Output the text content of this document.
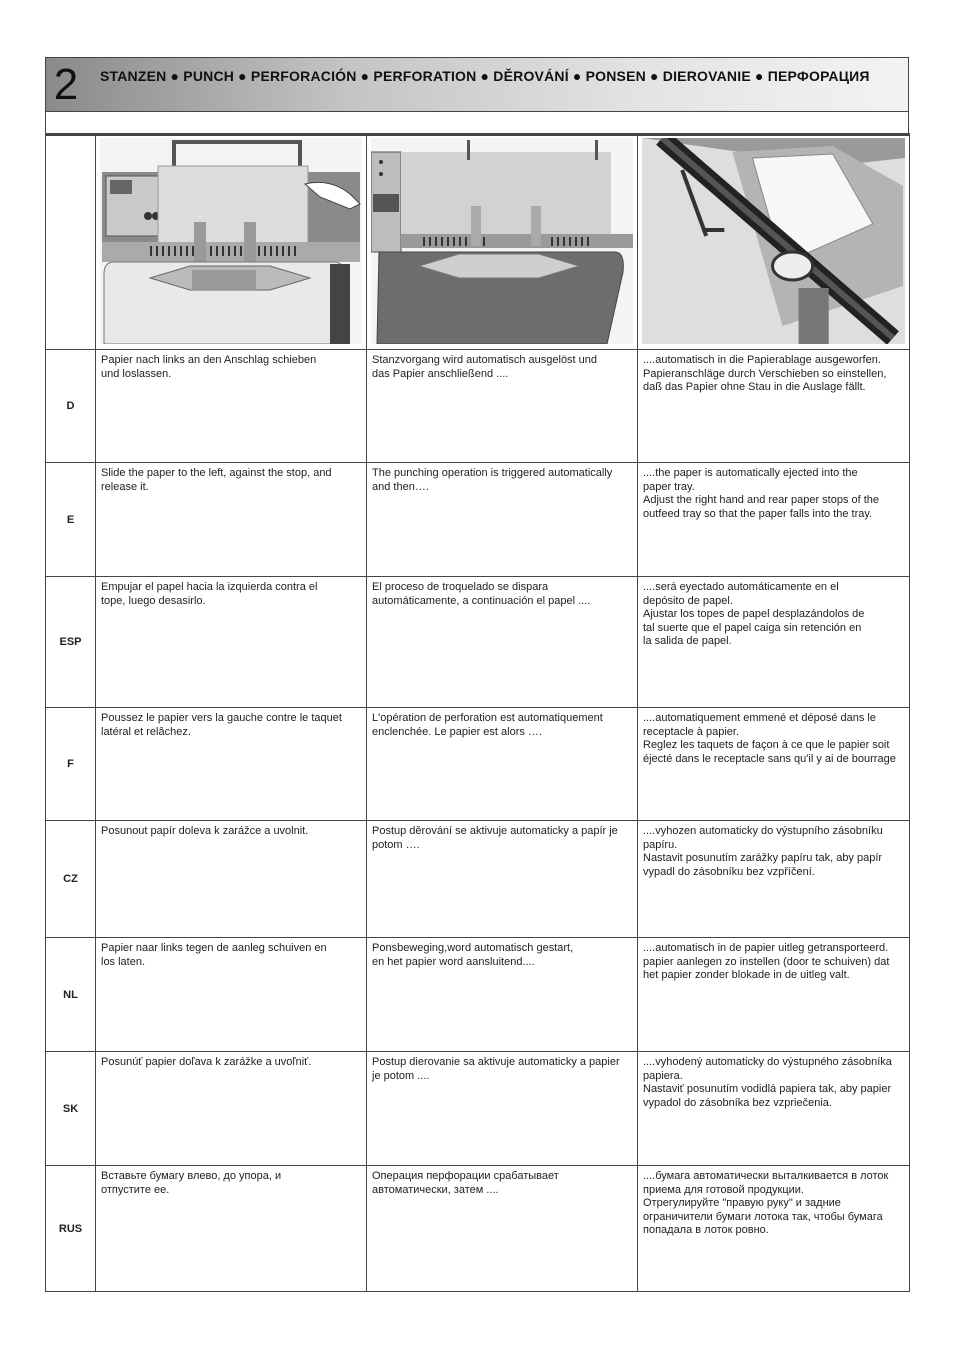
2	STANZEN ● PUNCH ● PERFORACIÓN ● PERFORATION ● DĚROVÁNÍ ● PONSEN ● DIEROVANIE ● ПЕРФОРАЦИЯ

D	Papier nach links an den Anschlag schieben
und loslassen.	Stanzvorgang wird automatisch ausgelöst und
das Papier anschließend ....	....automatisch in die Papierablage ausgeworfen.
Papieranschläge durch Verschieben so einstellen,
daß das Papier ohne Stau in die Auslage fällt.
E	Slide the paper to the left, against the stop, and
release it.	The punching operation is triggered automatically
and then….	....the paper is automatically ejected into the
paper tray.
Adjust the right hand and rear paper stops of the
outfeed tray so that the paper falls into the tray.
ESP	Empujar el papel hacia la izquierda contra el
tope, luego desasirlo.	El proceso de troquelado se dispara
automáticamente, a continuación el papel ....	....será eyectado automáticamente en el
depósito de papel.
Ajustar los topes de papel desplazándolos de
tal suerte que el papel caiga sin retención en
la salida de papel.
F	Poussez le papier vers la gauche contre le taquet
latéral et relâchez.	L'opération de perforation est automatiquement
enclenchée. Le papier est alors ….	....automatiquement emmené et déposé dans le
receptacle à papier.
Reglez les taquets de façon à ce que le papier soit
éjecté dans le receptacle sans qu'il y ai de bourrage
CZ	Posunout papír doleva k zarážce a uvolnit.	Postup děrování se aktivuje automaticky a papír je
potom ….	....vyhozen automaticky do výstupního zásobníku
papíru.
Nastavit posunutím zarážky papíru tak, aby papír
vypadl do zásobníku bez vzpříčení.
NL	Papier naar links tegen de aanleg schuiven en
los laten.	Ponsbeweging,word automatisch gestart,
en het papier word aansluitend....	....automatisch in de papier uitleg getransporteerd.
papier aanlegen zo instellen (door te schuiven) dat
het papier zonder blokade in de uitleg valt.
SK	Posunúť papier doľava k zarážke a uvoľniť.	Postup dierovanie sa aktivuje automaticky a papier
je potom ....	....vyhodený automaticky do výstupného zásobníka
papiera.
Nastaviť posunutím vodidlá papiera tak, aby papier
vypadol do zásobníka bez vzpriečenia.
RUS	Вставьте бумагу влево, до упора, и
отпустите ее.	Операция перфорации срабатывает
автоматически, затем ....	....бумага автоматически выталкивается в лоток
приема для готовой продукции.
Отрегулируйте "правую руку" и задние
ограничители бумаги лотока так, чтобы бумага
попадала в лоток ровно.
